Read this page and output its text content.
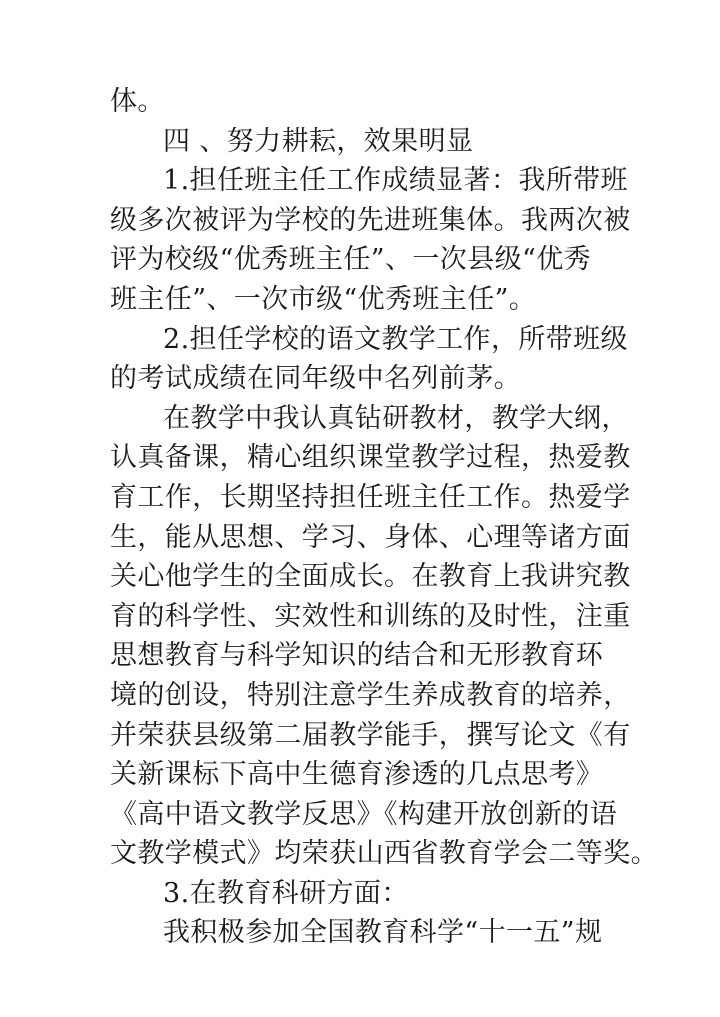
体。
四 、努力耕耘，效果明显
1.担任班主任工作成绩显著：我所带班
级多次被评为学校的先进班集体。我两次被
评为校级“优秀班主任”、一次县级“优秀
班主任”、一次市级“优秀班主任”。
2.担任学校的语文教学工作，所带班级
的考试成绩在同年级中名列前茅。
在教学中我认真钻研教材，教学大纲，
认真备课，精心组织课堂教学过程，热爱教
育工作，长期坚持担任班主任工作。热爱学
生，能从思想、学习、身体、心理等诸方面
关心他学生的全面成长。在教育上我讲究教
育的科学性、实效性和训练的及时性，注重
思想教育与科学知识的结合和无形教育环
境的创设，特别注意学生养成教育的培养，
并荣获县级第二届教学能手，撰写论文《有
关新课标下高中生德育渗透的几点思考》
《高中语文教学反思》《构建开放创新的语
文教学模式》均荣获山西省教育学会二等奖。
3.在教育科研方面：
我积极参加全国教育科学“十一五”规
